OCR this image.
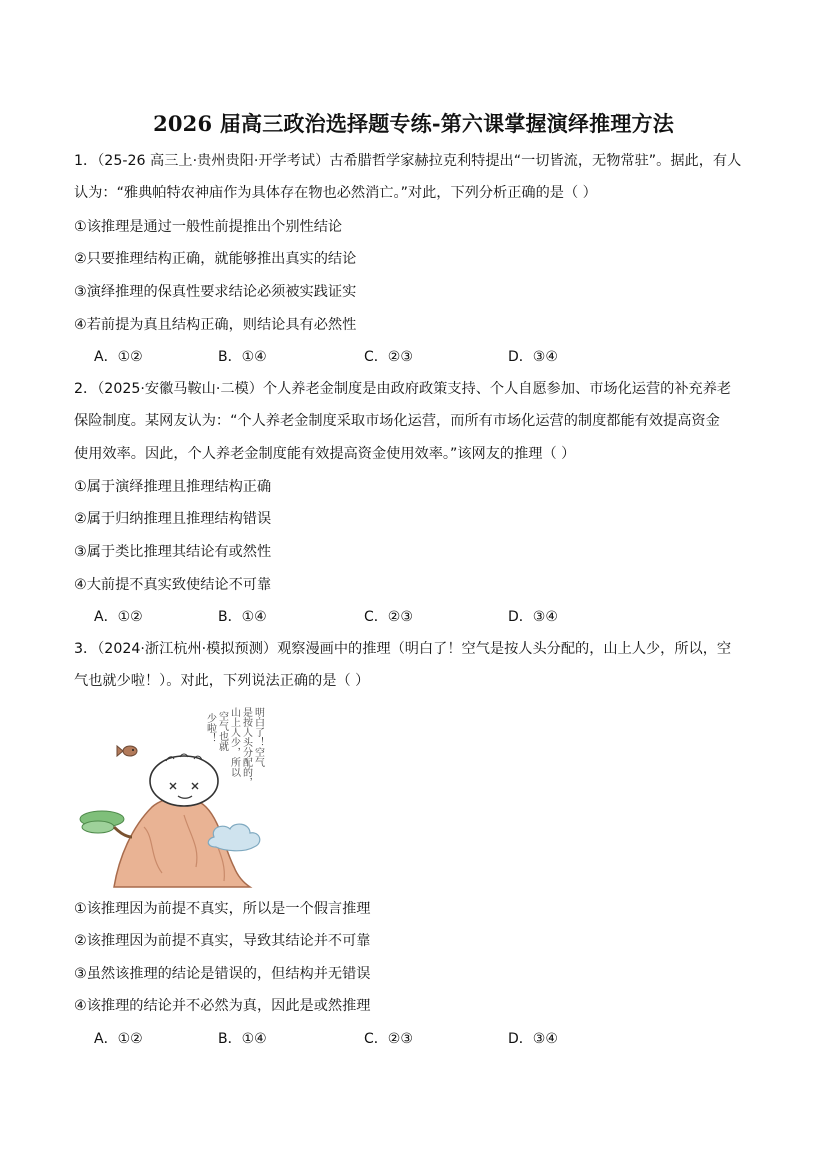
2026 届高三政治选择题专练-第六课掌握演绎推理方法
1．（25-26 高三上·贵州贵阳·开学考试）古希腊哲学家赫拉克利特提出“一切皆流，无物常驻”。据此，有人
认为：“雅典帕特农神庙作为具体存在物也必然消亡。”对此，下列分析正确的是（ ）
①该推理是通过一般性前提推出个别性结论
②只要推理结构正确，就能够推出真实的结论
③演绎推理的保真性要求结论必须被实践证实
④若前提为真且结构正确，则结论具有必然性
A．①②	B．①④	C．②③	D．③④
2．（2025·安徽马鞍山·二模）个人养老金制度是由政府政策支持、个人自愿参加、市场化运营的补充养老
保险制度。某网友认为：“个人养老金制度采取市场化运营，而所有市场化运营的制度都能有效提高资金
使用效率。因此，个人养老金制度能有效提高资金使用效率。”该网友的推理（ ）
①属于演绎推理且推理结构正确
②属于归纳推理且推理结构错误
③属于类比推理其结论有或然性
④大前提不真实致使结论不可靠
A．①②	B．①④	C．②③	D．③④
3．（2024·浙江杭州·模拟预测）观察漫画中的推理（明白了！空气是按人头分配的，山上人少，所以，空
气也就少啦！）。对此，下列说法正确的是（ ）
明白了！空气
是按人头分配的，
山上人少，所以
空气也就
少啦！
①该推理因为前提不真实，所以是一个假言推理
②该推理因为前提不真实，导致其结论并不可靠
③虽然该推理的结论是错误的，但结构并无错误
④该推理的结论并不必然为真，因此是或然推理
A．①②	B．①④	C．②③	D．③④
